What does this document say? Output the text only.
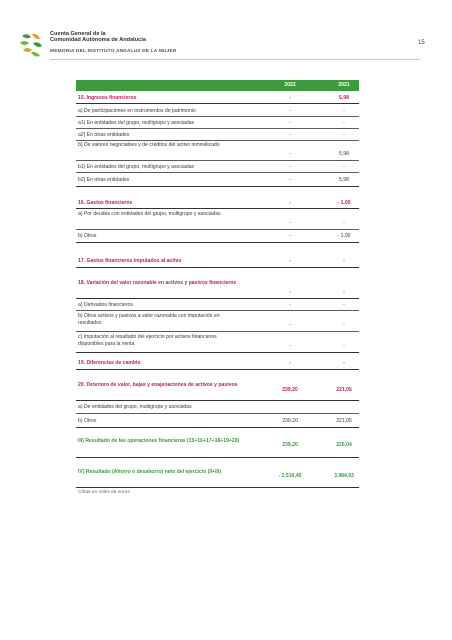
Cuenta General de la
Comunidad Autónoma de Andalucía
MEMORIA DEL INSTITUTO ANDALUZ DE LA MUJER
15
2022	2021
15. Ingresos financieros	-	5,98
a) De participaciones en instrumentos de patrimonio	-	-
a1) En entidades del grupo, multigrupo y asociadas	-	-
a2) En otras entidades	-	-
b) De valores negociables y de créditos del activo inmovilizado
-	5,98
b1) En entidades del grupo, multigrupo y asociadas	-	-
b2) En otras entidades	-	5,98
16. Gastos financieros	-	- 1,00
a) Por deudas con entidades del grupo, multigrupo y asociadas
-	-
b) Otros	-	- 1,00
17. Gastos financieros imputados al activo	-	-
18. Variación del valor razonable en activos y pasivos financieros
-	-
a) Derivados financieros	-	-
b) Otros activos y pasivos a valor razonable con imputación en resultados	-	-
c) Imputación al resultado del ejercicio por activos financieros disponibles para la venta	-	-
19. Diferencias de cambio	-	-
20. Deterioro de valor, bajas y enajenaciones de activos y pasivos
239,20	221,05
a) De entidades del grupo, multigrupo y asociadas
b) Otros	239,20	221,05
III) Resultado de las operaciones financieras (15+16+17+18+19+20)
239,20	226,04
IV) Resultado (Ahorro o desahorro) neto del ejercicio (II+III)
- 2.519,40	3.984,93
Cifras en miles de euros
